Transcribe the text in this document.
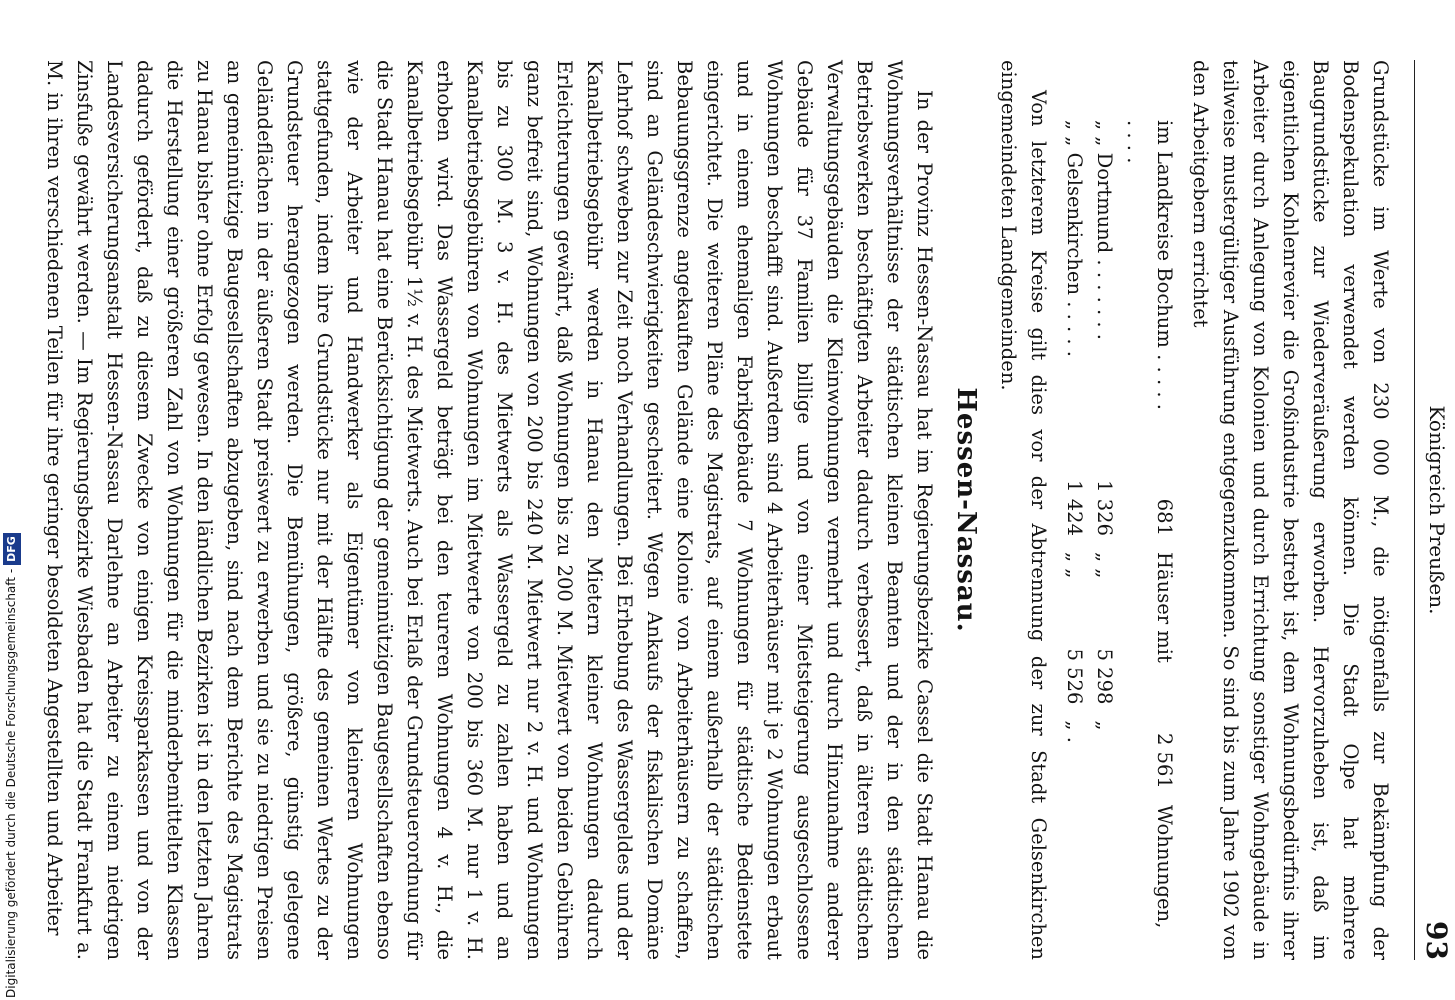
Königreich Preußen.
93

Grundstücke im Werte von 230 000 M., die nötigenfalls zur Bekämpfung der Bodenspekulation verwendet werden können. Die Stadt Olpe hat mehrere Baugrundstücke zur Wiederveräußerung erworben. Hervorzuheben ist, daß im eigentlichen Kohlenrevier die Großindustrie bestrebt ist, dem Wohnungsbedürfnis ihrer Arbeiter durch Anlegung von Kolonien und durch Errichtung sonstiger Wohngebäude in teilweise mustergültiger Ausführung entgegenzukommen. So sind bis zum Jahre 1902 von den Arbeitgebern errichtet

im Landkreise Bochum . . . . . . . . .
681
Häuser mit
2 561
Wohnungen,
„ „ Dortmund . . . . . . .
1 326
„ „
5 298
„
„ „ Gelsenkirchen . . . . .
1 424
„ „
5 526
„ .

Von letzterem Kreise gilt dies vor der Abtrennung der zur Stadt Gelsenkirchen eingemeindeten Landgemeinden.

Hessen-Nassau.

In der Provinz Hessen-Nassau hat im Regierungsbezirke Cassel die Stadt Hanau die Wohnungsverhältnisse der städtischen kleinen Beamten und der in den städtischen Betriebswerken beschäftigten Arbeiter dadurch verbessert, daß in älteren städtischen Verwaltungsgebäuden die Kleinwohnungen vermehrt und durch Hinzunahme anderer Gebäude für 37 Familien billige und von einer Mietsteigerung ausgeschlossene Wohnungen beschafft sind. Außerdem sind 4 Arbeiterhäuser mit je 2 Wohnungen erbaut und in einem ehemaligen Fabrikgebäude 7 Wohnungen für städtische Bedienstete eingerichtet. Die weiteren Pläne des Magistrats, auf einem außerhalb der städtischen Bebauungsgrenze angekauften Gelände eine Kolonie von Arbeiterhäusern zu schaffen, sind an Geländeschwierigkeiten gescheitert. Wegen Ankaufs der fiskalischen Domäne Lehrhof schweben zur Zeit noch Verhandlungen. Bei Erhebung des Wassergeldes und der Kanalbetriebsgebühr werden in Hanau den Mietern kleiner Wohnungen dadurch Erleichterungen gewährt, daß Wohnungen bis zu 200 M. Mietwert von beiden Gebühren ganz befreit sind, Wohnungen von 200 bis 240 M. Mietwert nur 2 v. H. und Wohnungen bis zu 300 M. 3 v. H. des Mietwerts als Wassergeld zu zahlen haben und an Kanalbetriebsgebühren von Wohnungen im Mietwerte von 200 bis 360 M. nur 1 v. H. erhoben wird. Das Wassergeld beträgt bei den teureren Wohnungen 4 v. H., die Kanalbetriebsgebühr 1½ v. H. des Mietwerts. Auch bei Erlaß der Grundsteuerordnung für die Stadt Hanau hat eine Berücksichtigung der gemeinnützigen Baugesellschaften ebenso wie der Arbeiter und Handwerker als Eigentümer von kleineren Wohnungen stattgefunden, indem ihre Grundstücke nur mit der Hälfte des gemeinen Wertes zu der Grundsteuer herangezogen werden. Die Bemühungen, größere, günstig gelegene Geländeflächen in der äußeren Stadt preiswert zu erwerben und sie zu niedrigen Preisen an gemeinnützige Baugesellschaften abzugeben, sind nach dem Berichte des Magistrats zu Hanau bisher ohne Erfolg gewesen. In den ländlichen Bezirken ist in den letzten Jahren die Herstellung einer größeren Zahl von Wohnungen für die minderbemittelten Klassen dadurch gefördert, daß zu diesem Zwecke von einigen Kreissparkassen und von der Landesversicherungsanstalt Hessen-Nassau Darlehne an Arbeiter zu einem niedrigen Zinsfuße gewährt werden. — Im Regierungsbezirke Wiesbaden hat die Stadt Frankfurt a. M. in ihren verschiedenen Teilen für ihre geringer besoldeten Angestellten und Arbeiter

Digitalisierung gefördert durch die Deutsche Forschungsgemeinschaft -DFG
